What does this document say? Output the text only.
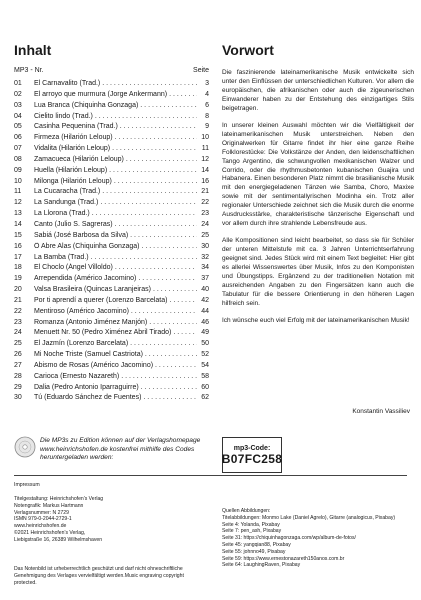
Inhalt	Vorwort
MP3 - Nr.	Seite
01	El Carnavalito (Trad.) . . .	3
02	El arroyo que murmura (Jorge Ankermann) . . .	4
03	Lua Branca (Chiquinha Gonzaga) . . .	6
04	Cielito lindo (Trad.) . . .	8
05	Casinha Pequenina (Trad.) . . .	9
06	Firmeza (Hilarión Leloup) . . .	10
07	Vidalita (Hilarión Leloup) . . .	11
08	Zamacueca (Hilarión Leloup) . . .	12
09	Huella (Hilarión Leloup) . . .	14
10	Milonga (Hilarión Leloup) . . .	16
11	La Cucaracha (Trad.) . . .	21
12	La Sandunga (Trad.) . . .	22
13	La Llorona (Trad.) . . .	23
14	Canto (Julio S. Sagreras) . . .	24
15	Sabiá (José Barbosa da Silva) . . .	25
16	Ô Abre Alas (Chiquinha Gonzaga) . . .	30
17	La Bamba (Trad.) . . .	32
18	El Choclo (Ángel Villoldo) . . .	34
19	Arrependida (Américo Jacomino) . . .	37
20	Valsa Brasileira (Quincas Laranjeiras) . . .	40
21	Por ti aprendí a querer (Lorenzo Barcelata) . . .	42
22	Mentiroso (Américo Jacomino) . . .	44
23	Romanza (Antonio Jiménez Manjón) . . .	46
24	Menuett Nr. 50 (Pedro Ximénez Abril Tirado) . . .	49
25	El Jazmín (Lorenzo Barcelata) . . .	50
26	Mi Noche Triste (Samuel Castriota) . . .	52
27	Abismo de Rosas (Américo Jacomino) . . .	54
28	Carioca (Ernesto Nazareth) . . .	58
29	Dalia (Pedro Antonio Iparraguirre) . . .	60
30	Tú (Eduardo Sánchez de Fuentes) . . .	62

Die faszinierende lateinamerikanische Musik entwickelte sich unter den Einflüssen der unterschiedlichen Kulturen. Vor allem die europäischen, die afrikanischen oder auch die zigeunerischen Einwanderer haben zu der Entstehung des einzigartiges Stils beigetragen.

In unserer kleinen Auswahl möchten wir die Vielfältigkeit der lateinamerikanischen Musik unterstreichen. Neben den Originalwerken für Gitarre findet ihr hier eine ganze Reihe Folklorestücke: Die Volkstänze der Anden, den leidenschaftlichen Tango Argentino, die schwungvollen mexikanischen Walzer und Corrido, oder die rhythmusbetonten kubanischen Guajira und Habanera. Einen besonderen Platz nimmt die brasilianische Musik mit den energiegeladenen Tänzen wie Samba, Choro, Maxixe sowie mit der sentimentallyrischen Modinha ein. Trotz aller regionaler Unterschiede zeichnet sich die Musik durch die enorme Ausdrucksstärke, charakteristische tänzerische Eigenschaft und vor allem durch ihre strahlende Lebensfreude aus.

Alle Kompositionen sind leicht bearbeitet, so dass sie für Schüler der unteren Mittelstufe mit ca. 3 Jahren Unterrichtserfahrung geeignet sind. Jedes Stück wird mit einem Text begleitet: Hier gibt es allerlei Wissenswertes über Musik, Infos zu den Komponisten und Übungstipps. Ergänzend zu der traditionellen Notation mit ausreichenden Angaben zu den Fingersätzen kann auch die Tabulatur für die bessere Orientierung in den höheren Lagen hilfreich sein.

Ich wünsche euch viel Erfolg mit der lateinamerikanischen Musik!

Konstantin Vassiliev
Die MP3s zu Edition können auf der Verlagshomepage www.heinrichshofen.de kostenfrei mithilfe des Codes heruntergeladen werden:
mp3-Code:
B07FC258
Impressum
Titelgestaltung: Heinrichshofen's Verlag
Notengrafik: Markus Hartmann
Verlagsnummer: N 2729
ISMN 979-0-2044-2729-1
www.heinrichshofen.de
©2021 Heinrichshofen's Verlag,
Liebigstraße 16, 26389 Wilhelmshaven
Das Notenbild ist urheberrechtlich geschützt und darf nicht ohneschriftliche Genehmigung des Verlages vervielfältigt werden.Music engraving copyright protected.
Quellen Abbildungen:
Titelabbildungen: Monmo Lake (Daniel Agrelo), Gitarre (analogicus, Pixabay)
Seite 4: Yolanda, Pixabay
Seite 7: pen_ash, Pixabay
Seite 31: https://chiquinhagonzaga.com/wp/album-de-fotos/
Seite 45: yangqian88, Pixabay
Seite 55: johnno49, Pixabay
Seite 59: https://www.ernestonazareth150anos.com.br
Seite 64: LaughingRaven, Pixabay
